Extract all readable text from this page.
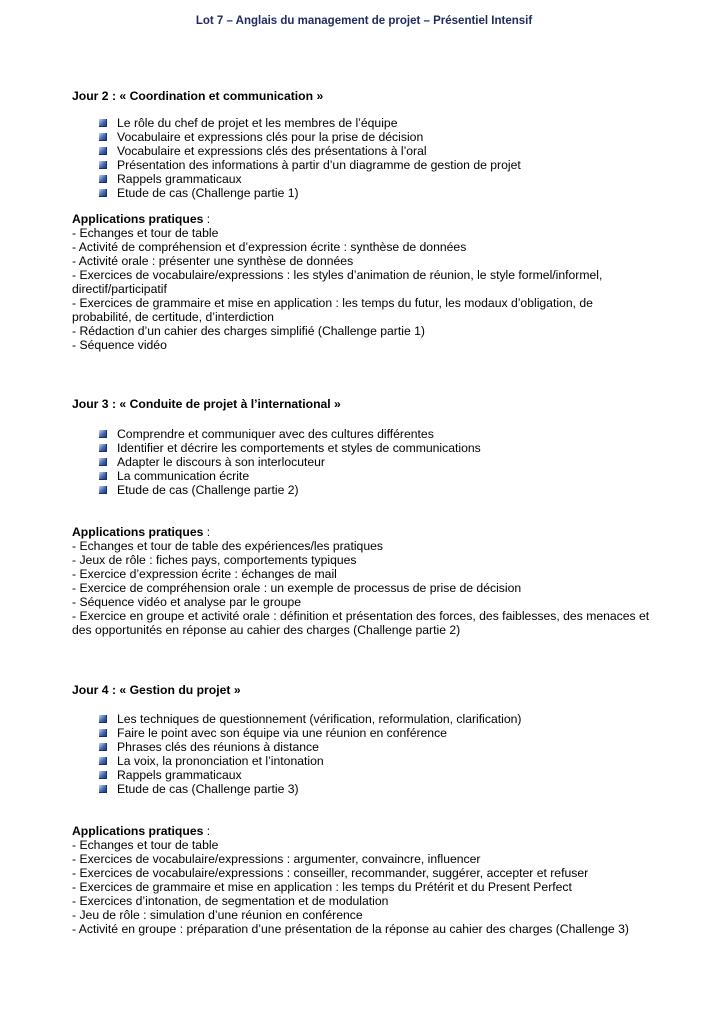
Lot 7 – Anglais du management de projet – Présentiel Intensif
Jour 2 : « Coordination et communication »
Le rôle du chef de projet et les membres de l’équipe
Vocabulaire et expressions clés pour la prise de décision
Vocabulaire et expressions clés des présentations à l’oral
Présentation des informations à partir d’un diagramme de gestion de projet
Rappels grammaticaux
Etude de cas (Challenge partie 1)
Applications pratiques :
- Echanges et tour de table
- Activité de compréhension et d’expression écrite : synthèse de données
- Activité orale : présenter une synthèse de données
- Exercices de vocabulaire/expressions : les styles d’animation de réunion, le style formel/informel,
directif/participatif
- Exercices de grammaire et mise en application : les temps du futur, les modaux d’obligation, de
probabilité, de certitude, d’interdiction
- Rédaction d’un cahier des charges simplifié (Challenge partie 1)
- Séquence vidéo
Jour 3 : « Conduite de projet à l’international »
Comprendre et communiquer avec des cultures différentes
Identifier et décrire les comportements et styles de communications
Adapter le discours à son interlocuteur
La communication écrite
Etude de cas (Challenge partie 2)
Applications pratiques :
- Echanges et tour de table des expériences/les pratiques
- Jeux de rôle : fiches pays, comportements typiques
- Exercice d’expression écrite : échanges de mail
- Exercice de compréhension orale : un exemple de processus de prise de décision
- Séquence vidéo et analyse par le groupe
- Exercice en groupe et activité orale : définition et présentation des forces, des faiblesses, des menaces et
des opportunités en réponse au cahier des charges (Challenge partie 2)
Jour 4 : « Gestion du projet »
Les techniques de questionnement (vérification, reformulation, clarification)
Faire le point avec son équipe via une réunion en conférence
Phrases clés des réunions à distance
La voix, la prononciation et l’intonation
Rappels grammaticaux
Etude de cas (Challenge partie 3)
Applications pratiques :
- Echanges et tour de table
- Exercices de vocabulaire/expressions : argumenter, convaincre, influencer
- Exercices de vocabulaire/expressions : conseiller, recommander, suggérer, accepter et refuser
- Exercices de grammaire et mise en application : les temps du Prétérit et du Present Perfect
- Exercices d’intonation, de segmentation et de modulation
- Jeu de rôle : simulation d’une réunion en conférence
- Activité en groupe : préparation d’une présentation de la réponse au cahier des charges (Challenge 3)
